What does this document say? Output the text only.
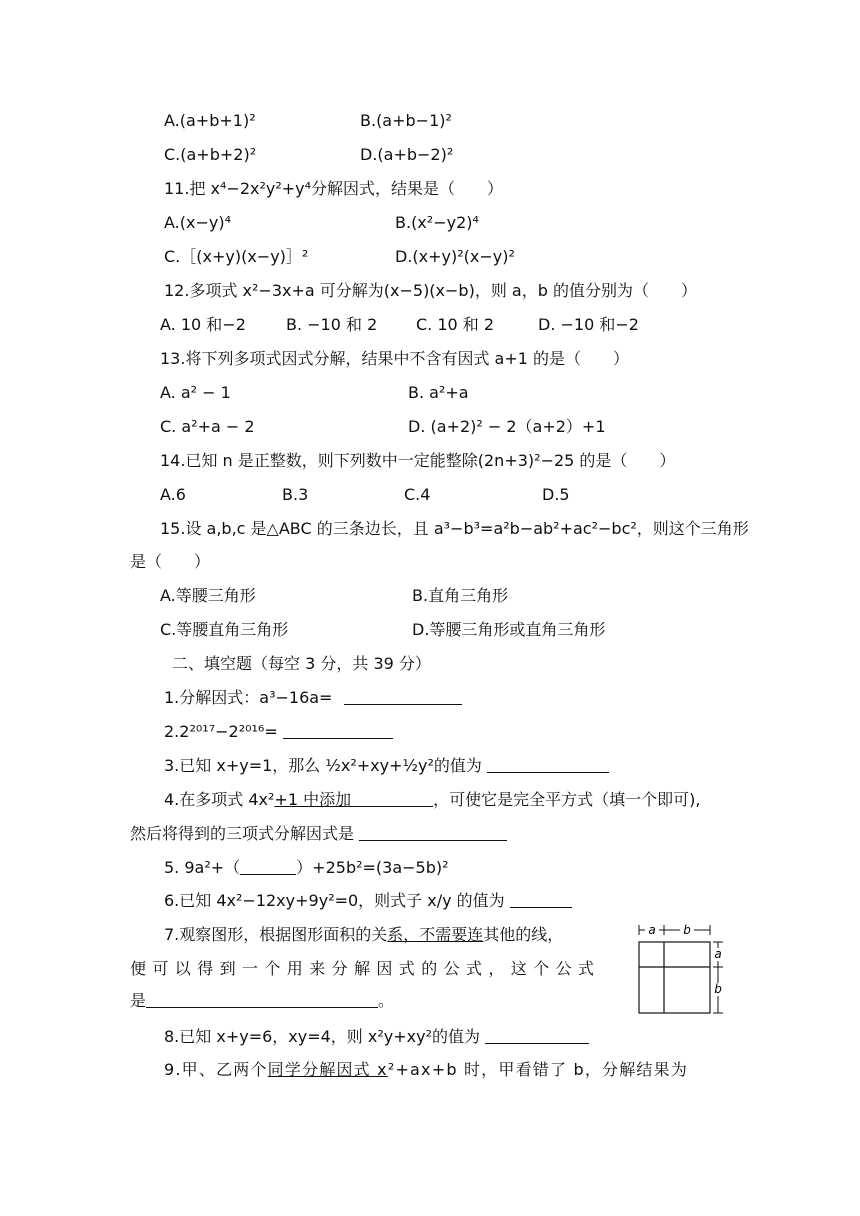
A.(a+b+1)²	B.(a+b−1)²
C.(a+b+2)²	D.(a+b−2)²
11.把 x⁴−2x²y²+y⁴分解因式，结果是（　　）
A.(x−y)⁴	B.(x²−y2)⁴
C.［(x+y)(x−y)］²	D.(x+y)²(x−y)²
12.多项式 x²−3x+a 可分解为(x−5)(x−b)，则 a，b 的值分别为（　　）
A. 10 和−2	B. −10 和 2 C. 10 和 2	D. −10 和−2
13.将下列多项式因式分解，结果中不含有因式 a+1 的是（　　）
A. a² − 1	B. a²+a
C. a²+a − 2	D. (a+2)² − 2（a+2）+1
14.已知 n 是正整数，则下列数中一定能整除(2n+3)²−25 的是（　　）
A.6	B.3	C.4	D.5
15.设 a,b,c 是△ABC 的三条边长，且 a³−b³=a²b−ab²+ac²−bc²，则这个三角形
是（　　）
A.等腰三角形	B.直角三角形
C.等腰直角三角形	D.等腰三角形或直角三角形
二、填空题（每空 3 分，共 39 分）
1.分解因式：a³−16a=
2.2²⁰¹⁷−2²⁰¹⁶=
3.已知 x+y=1，那么 ½x²+xy+½y²的值为
4.在多项式 4x²+1 中添加	，可使它是完全平方式（填一个即可),
然后将得到的三项式分解因式是
5. 9a²+（	）+25b²=(3a−5b)²
6.已知 4x²−12xy+9y²=0，则式子 x/y 的值为
7.观察图形，根据图形面积的关系，不需要连其他的线，
便可以得到一个用来分解因式的公式，这个公式
是	。
a b
a
b
8.已知 x+y=6，xy=4，则 x²y+xy²的值为
9.甲、乙两个同学分解因式 x²+ax+b 时，甲看错了 b，分解结果为
